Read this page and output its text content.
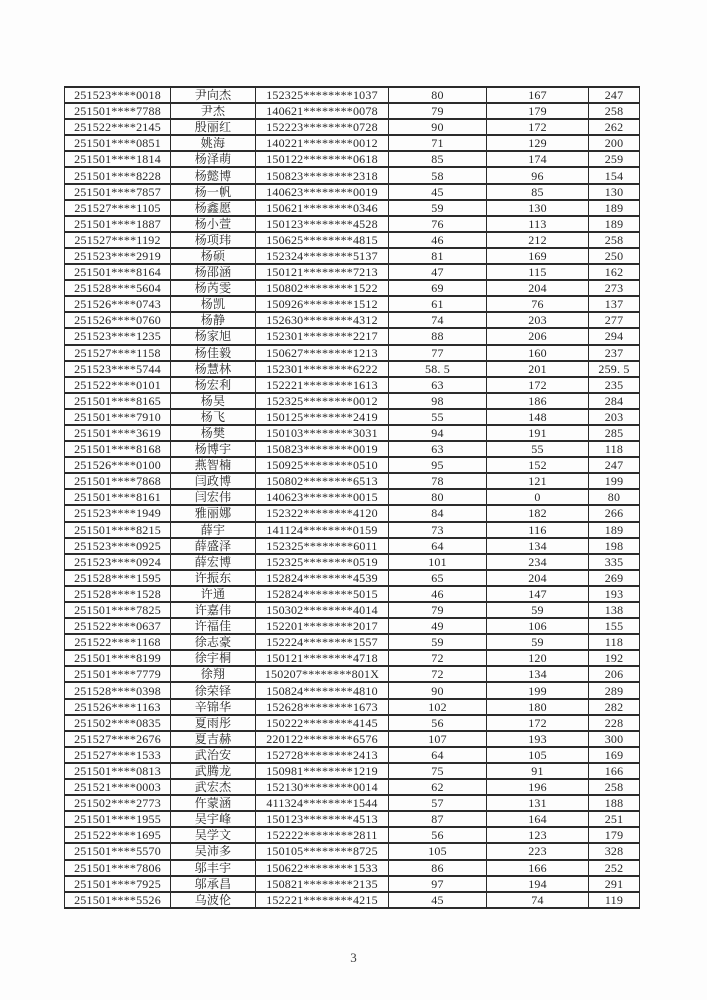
251523****0018	尹向杰	152325********1037	80	167	247
251501****7788	尹杰	140621********0078	79	179	258
251522****2145	殷丽红	152223********0728	90	172	262
251501****0851	姚海	140221********0012	71	129	200
251501****1814	杨泽萌	150122********0618	85	174	259
251501****8228	杨懿博	150823********2318	58	96	154
251501****7857	杨一帆	140623********0019	45	85	130
251527****1105	杨鑫愿	150621********0346	59	130	189
251501****1887	杨小萱	150123********4528	76	113	189
251527****1192	杨项玮	150625********4815	46	212	258
251523****2919	杨硕	152324********5137	81	169	250
251501****8164	杨邵涵	150121********7213	47	115	162
251528****5604	杨芮雯	150802********1522	69	204	273
251526****0743	杨凯	150926********1512	61	76	137
251526****0760	杨静	152630********4312	74	203	277
251523****1235	杨家旭	152301********2217	88	206	294
251527****1158	杨佳毅	150627********1213	77	160	237
251523****5744	杨慧林	152301********6222	58. 5	201	259. 5
251522****0101	杨宏利	152221********1613	63	172	235
251501****8165	杨昊	152325********0012	98	186	284
251501****7910	杨飞	150125********2419	55	148	203
251501****3619	杨樊	150103********3031	94	191	285
251501****8168	杨博宇	150823********0019	63	55	118
251526****0100	燕智楠	150925********0510	95	152	247
251501****7868	闫政博	150802********6513	78	121	199
251501****8161	闫宏伟	140623********0015	80	0	80
251523****1949	雅丽娜	152322********4120	84	182	266
251501****8215	薛宇	141124********0159	73	116	189
251523****0925	薛盛泽	152325********6011	64	134	198
251523****0924	薛宏博	152325********0519	101	234	335
251528****1595	许振东	152824********4539	65	204	269
251528****1528	许通	152824********5015	46	147	193
251501****7825	许嘉伟	150302********4014	79	59	138
251522****0637	许福佳	152201********2017	49	106	155
251522****1168	徐志豪	152224********1557	59	59	118
251501****8199	徐宇桐	150121********4718	72	120	192
251501****7779	徐翔	150207********801X	72	134	206
251528****0398	徐荣铎	150824********4810	90	199	289
251526****1163	辛锦华	152628********1673	102	180	282
251502****0835	夏雨彤	150222********4145	56	172	228
251527****2676	夏吉赫	220122********6576	107	193	300
251527****1533	武治安	152728********2413	64	105	169
251501****0813	武腾龙	150981********1219	75	91	166
251521****0003	武宏杰	152130********0014	62	196	258
251502****2773	仵蒙涵	411324********1544	57	131	188
251501****1955	吴宇峰	150123********4513	87	164	251
251522****1695	吴学文	152222********2811	56	123	179
251501****5570	吴沛多	150105********8725	105	223	328
251501****7806	邬丰宇	150622********1533	86	166	252
251501****7925	邬承昌	150821********2135	97	194	291
251501****5526	乌波伦	152221********4215	45	74	119
3
